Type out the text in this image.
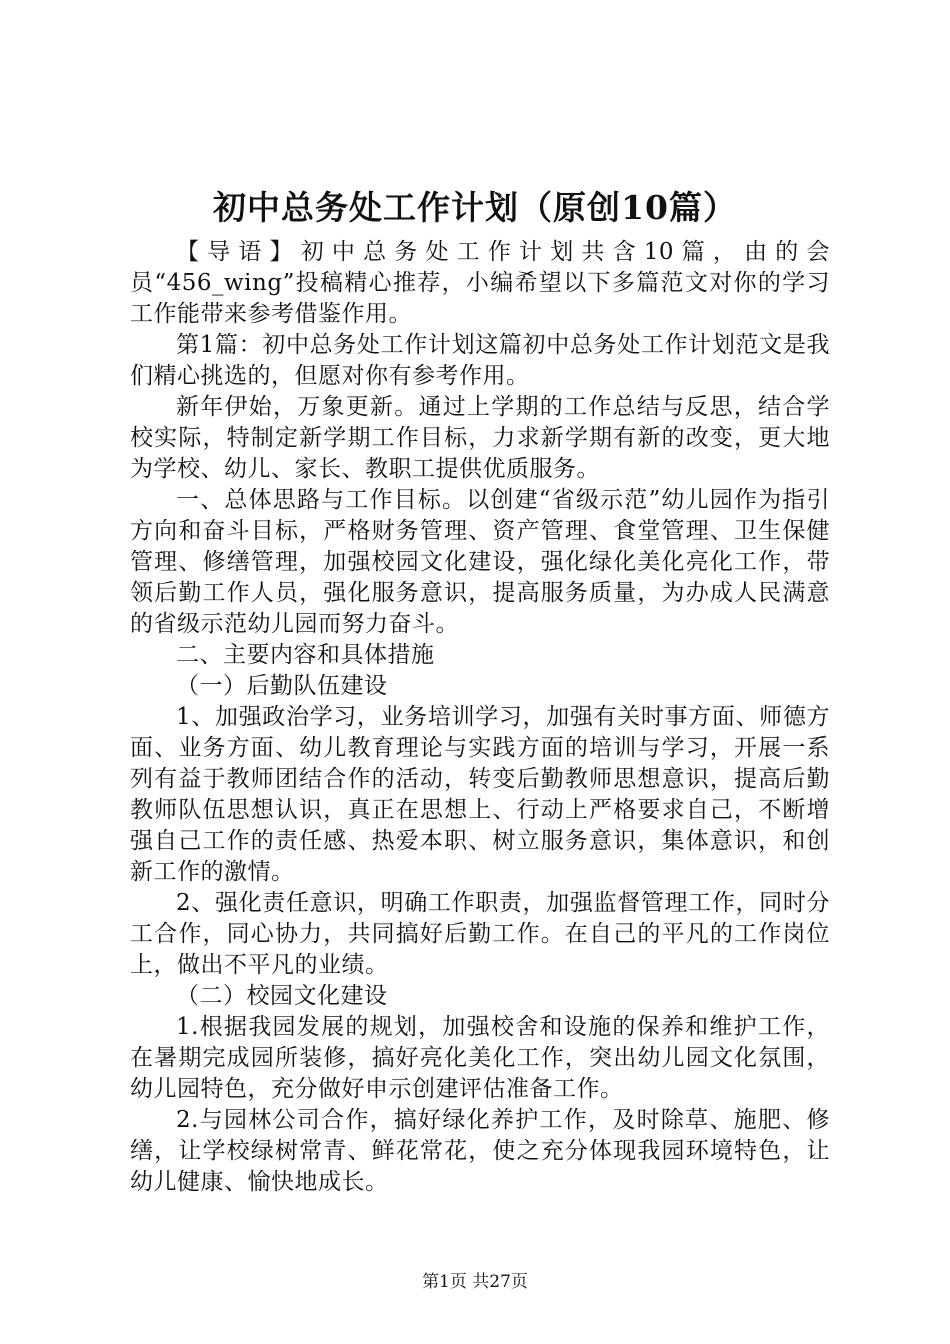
初中总务处工作计划（原创10篇）

【导语】初中总务处工作计划共含10篇，由的会员“456_wing”投稿精心推荐，小编希望以下多篇范文对你的学习工作能带来参考借鉴作用。

第1篇：初中总务处工作计划这篇初中总务处工作计划范文是我们精心挑选的，但愿对你有参考作用。

新年伊始，万象更新。通过上学期的工作总结与反思，结合学校实际，特制定新学期工作目标，力求新学期有新的改变，更大地为学校、幼儿、家长、教职工提供优质服务。

一、总体思路与工作目标。以创建“省级示范”幼儿园作为指引方向和奋斗目标，严格财务管理、资产管理、食堂管理、卫生保健管理、修缮管理，加强校园文化建设，强化绿化美化亮化工作，带领后勤工作人员，强化服务意识，提高服务质量，为办成人民满意的省级示范幼儿园而努力奋斗。

二、主要内容和具体措施

（一）后勤队伍建设

1、加强政治学习，业务培训学习，加强有关时事方面、师德方面、业务方面、幼儿教育理论与实践方面的培训与学习，开展一系列有益于教师团结合作的活动，转变后勤教师思想意识，提高后勤教师队伍思想认识，真正在思想上、行动上严格要求自己，不断增强自己工作的责任感、热爱本职、树立服务意识，集体意识，和创新工作的激情。

2、强化责任意识，明确工作职责，加强监督管理工作，同时分工合作，同心协力，共同搞好后勤工作。在自己的平凡的工作岗位上，做出不平凡的业绩。

（二）校园文化建设

1.根据我园发展的规划，加强校舍和设施的保养和维护工作，在暑期完成园所装修，搞好亮化美化工作，突出幼儿园文化氛围，幼儿园特色，充分做好申示创建评估准备工作。

2.与园林公司合作，搞好绿化养护工作，及时除草、施肥、修缮，让学校绿树常青、鲜花常花，使之充分体现我园环境特色，让幼儿健康、愉快地成长。

第1页 共27页
